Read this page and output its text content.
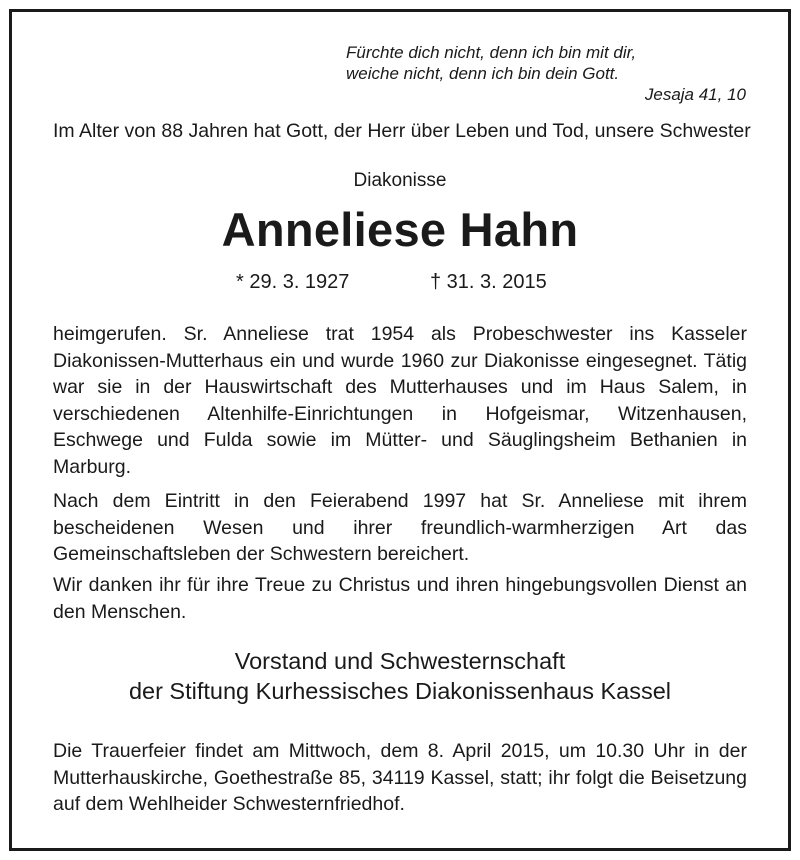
Fürchte dich nicht, denn ich bin mit dir,
weiche nicht, denn ich bin dein Gott.
Jesaja 41, 10
Im Alter von 88 Jahren hat Gott, der Herr über Leben und Tod, unsere Schwester
Diakonisse
Anneliese Hahn
* 29. 3. 1927	† 31. 3. 2015
heimgerufen. Sr. Anneliese trat 1954 als Probeschwester ins Kasseler Diakonissen-Mutterhaus ein und wurde 1960 zur Diakonisse eingesegnet. Tätig war sie in der Hauswirtschaft des Mutterhauses und im Haus Salem, in verschiedenen Altenhilfe-Einrichtungen in Hofgeismar, Witzenhausen, Eschwege und Fulda sowie im Mütter- und Säuglingsheim Bethanien in Marburg.
Nach dem Eintritt in den Feierabend 1997 hat Sr. Anneliese mit ihrem bescheidenen Wesen und ihrer freundlich-warmherzigen Art das Gemeinschaftsleben der Schwestern bereichert.
Wir danken ihr für ihre Treue zu Christus und ihren hingebungsvollen Dienst an den Menschen.
Vorstand und Schwesternschaft
der Stiftung Kurhessisches Diakonissenhaus Kassel
Die Trauerfeier findet am Mittwoch, dem 8. April 2015, um 10.30 Uhr in der Mutterhauskirche, Goethestraße 85, 34119 Kassel, statt; ihr folgt die Beisetzung auf dem Wehlheider Schwesternfriedhof.
